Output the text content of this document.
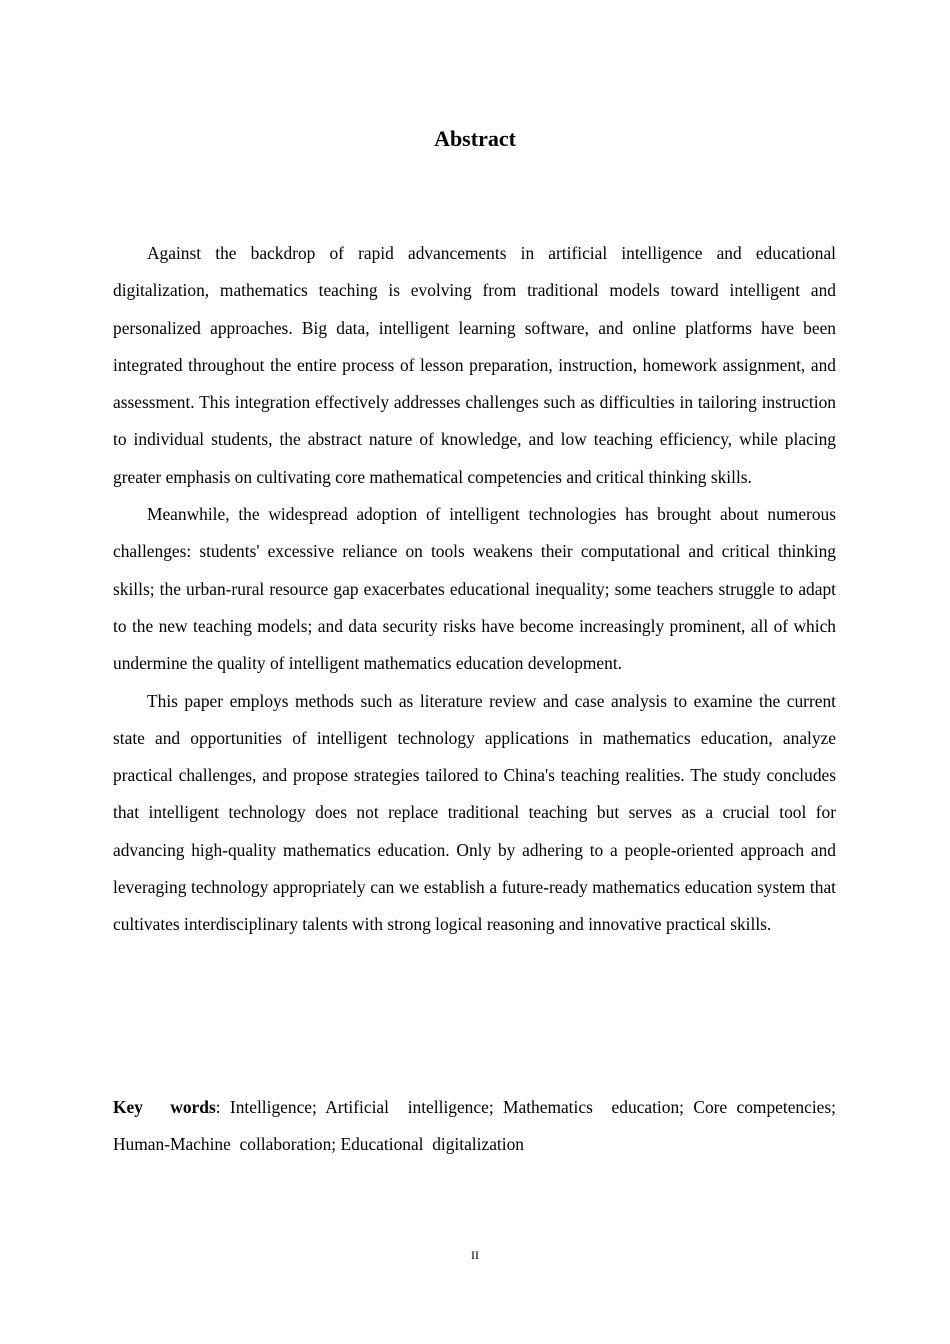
Abstract

Against the backdrop of rapid advancements in artificial intelligence and educational digitalization, mathematics teaching is evolving from traditional models toward intelligent and personalized approaches. Big data, intelligent learning software, and online platforms have been integrated throughout the entire process of lesson preparation, instruction, homework assignment, and assessment. This integration effectively addresses challenges such as difficulties in tailoring instruction to individual students, the abstract nature of knowledge, and low teaching efficiency, while placing greater emphasis on cultivating core mathematical competencies and critical thinking skills.

Meanwhile, the widespread adoption of intelligent technologies has brought about numerous challenges: students' excessive reliance on tools weakens their computational and critical thinking skills; the urban-rural resource gap exacerbates educational inequality; some teachers struggle to adapt to the new teaching models; and data security risks have become increasingly prominent, all of which undermine the quality of intelligent mathematics education development.

This paper employs methods such as literature review and case analysis to examine the current state and opportunities of intelligent technology applications in mathematics education, analyze practical challenges, and propose strategies tailored to China's teaching realities. The study concludes that intelligent technology does not replace traditional teaching but serves as a crucial tool for advancing high-quality mathematics education. Only by adhering to a people-oriented approach and leveraging technology appropriately can we establish a future-ready mathematics education system that cultivates interdisciplinary talents with strong logical reasoning and innovative practical skills.

Key words: Intelligence; Artificial  intelligence; Mathematics  education; Core competencies; Human-Machine  collaboration; Educational  digitalization

II
